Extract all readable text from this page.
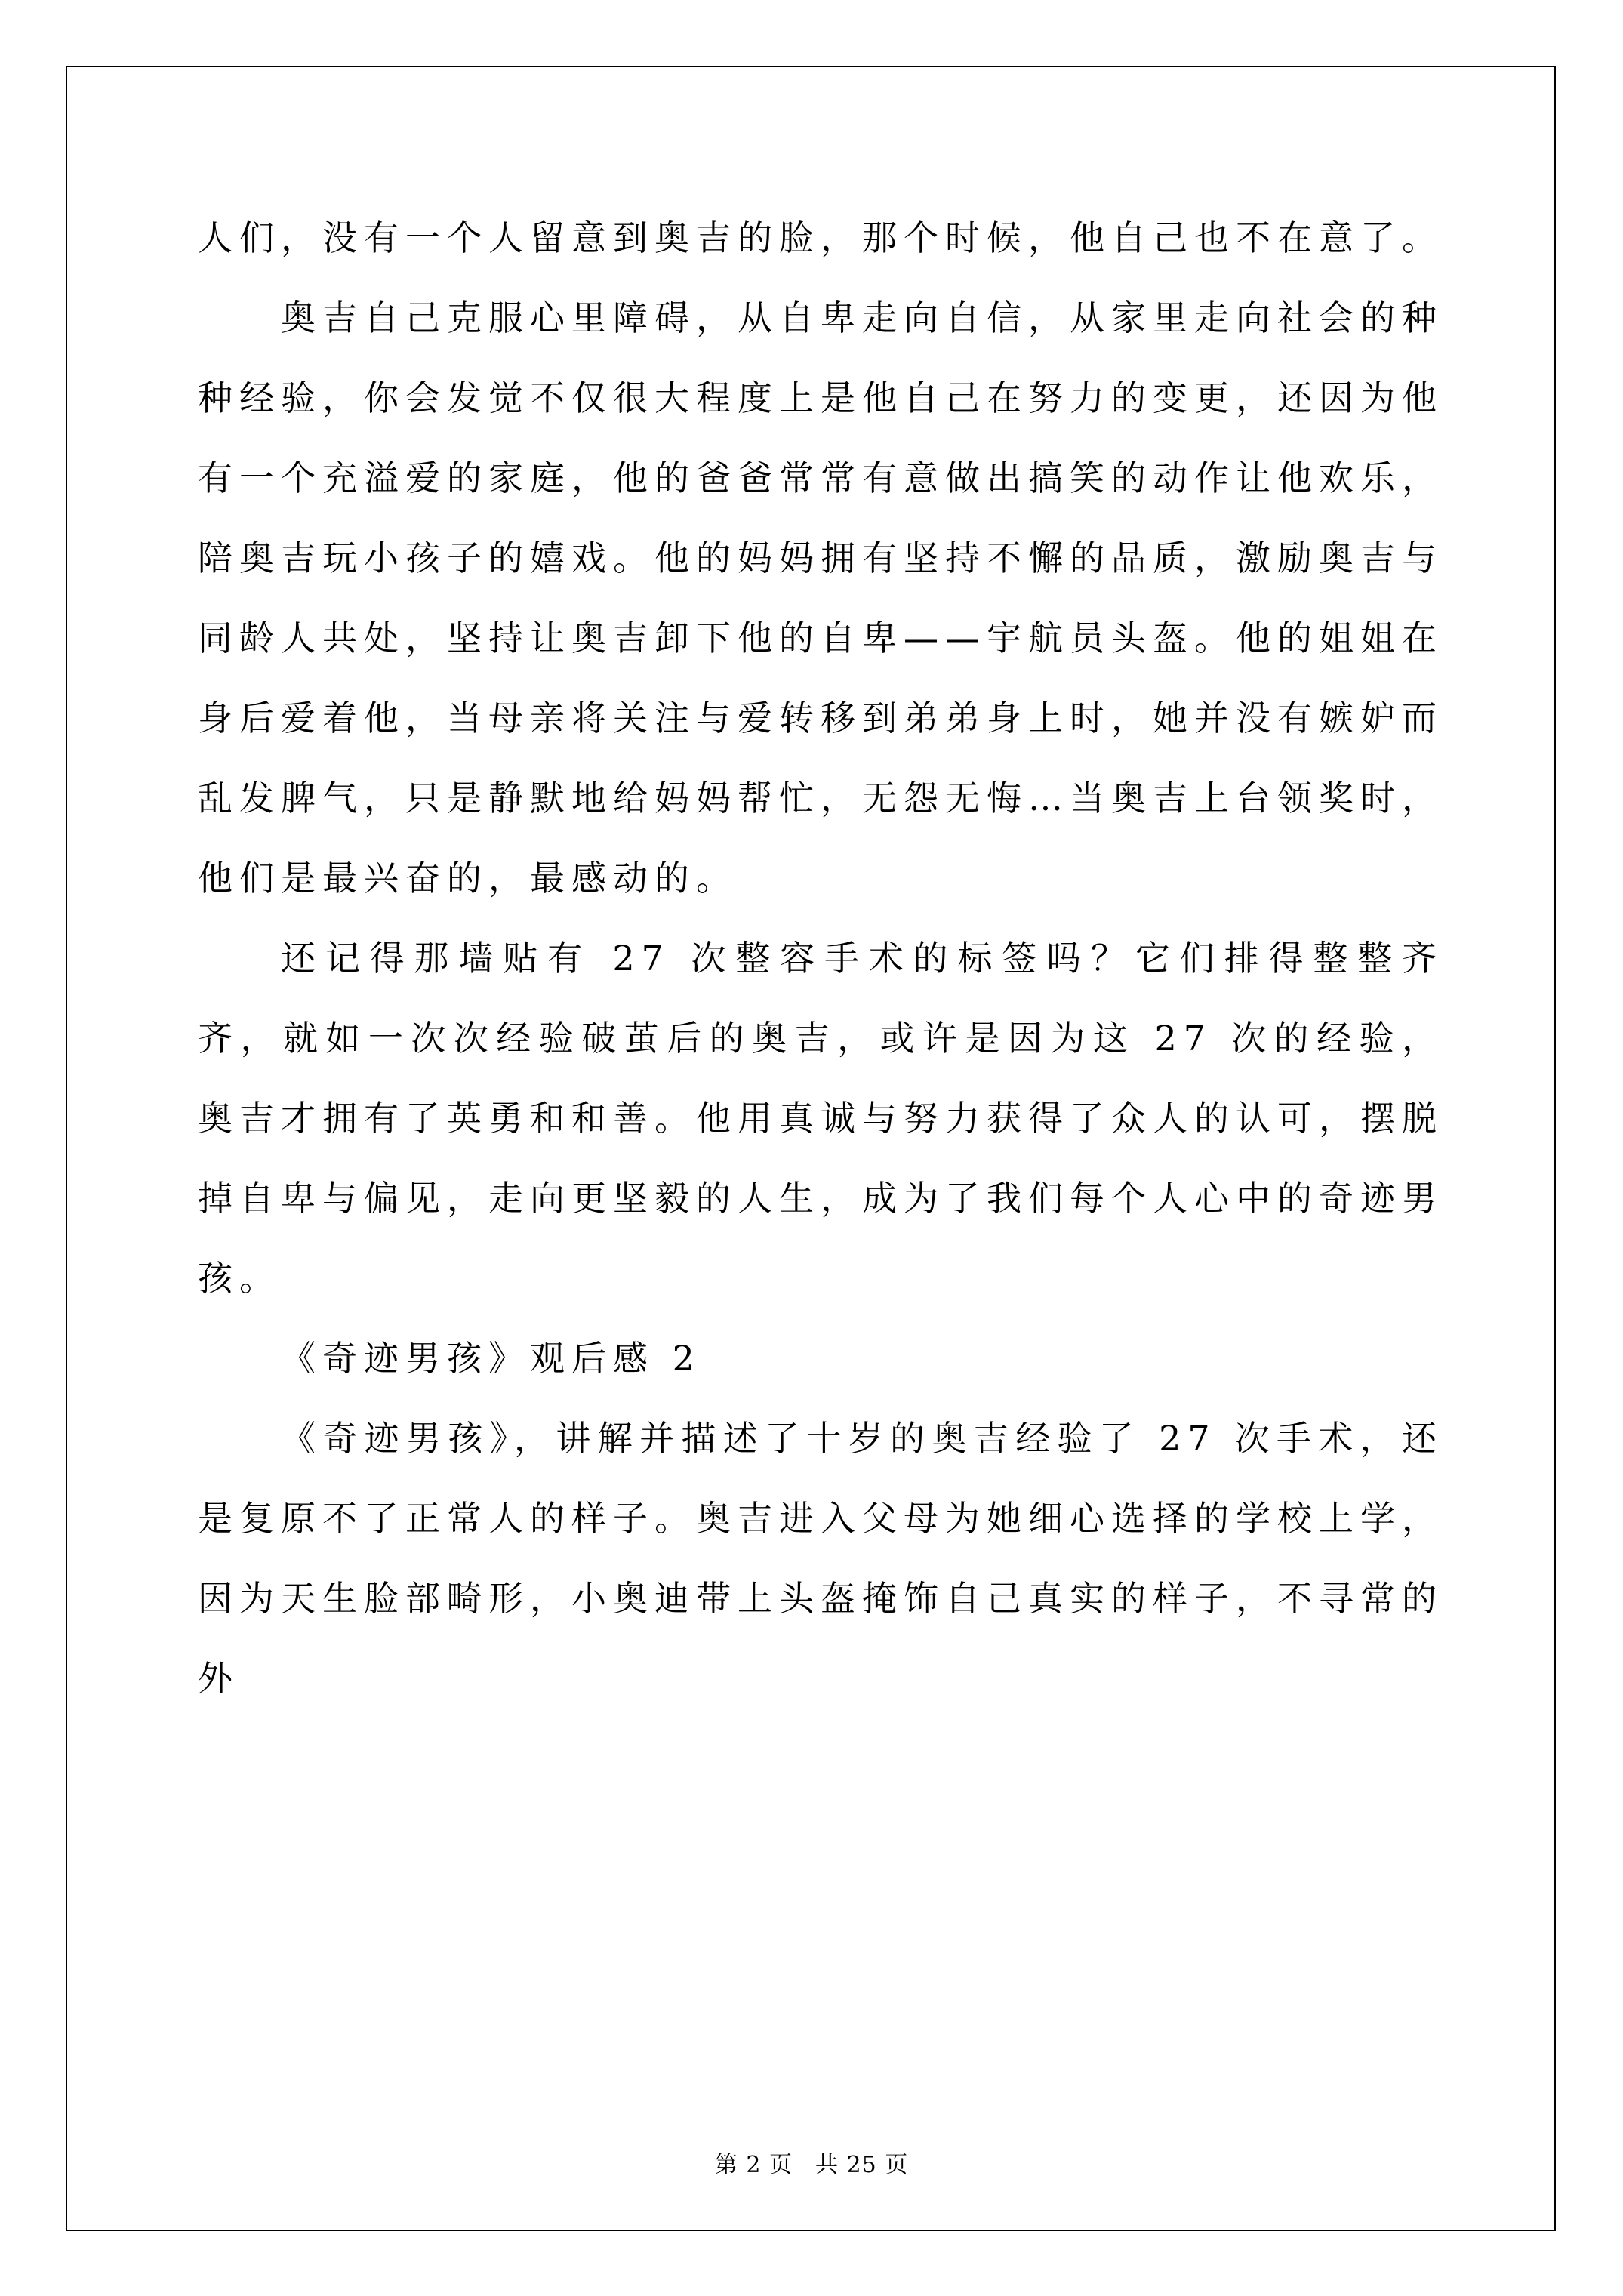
人们，没有一个人留意到奥吉的脸，那个时候，他自己也不在意了。

奥吉自己克服心里障碍，从自卑走向自信，从家里走向社会的种种经验，你会发觉不仅很大程度上是他自己在努力的变更，还因为他有一个充溢爱的家庭，他的爸爸常常有意做出搞笑的动作让他欢乐，陪奥吉玩小孩子的嬉戏。他的妈妈拥有坚持不懈的品质，激励奥吉与同龄人共处，坚持让奥吉卸下他的自卑——宇航员头盔。他的姐姐在身后爱着他，当母亲将关注与爱转移到弟弟身上时，她并没有嫉妒而乱发脾气，只是静默地给妈妈帮忙，无怨无悔…当奥吉上台领奖时，他们是最兴奋的，最感动的。

还记得那墙贴有 27 次整容手术的标签吗？它们排得整整齐齐，就如一次次经验破茧后的奥吉，或许是因为这 27 次的经验，奥吉才拥有了英勇和和善。他用真诚与努力获得了众人的认可，摆脱掉自卑与偏见，走向更坚毅的人生，成为了我们每个人心中的奇迹男孩。

《奇迹男孩》观后感 2

《奇迹男孩》，讲解并描述了十岁的奥吉经验了 27 次手术，还是复原不了正常人的样子。奥吉进入父母为她细心选择的学校上学，因为天生脸部畸形，小奥迪带上头盔掩饰自己真实的样子，不寻常的外

第 2 页 共 25 页
